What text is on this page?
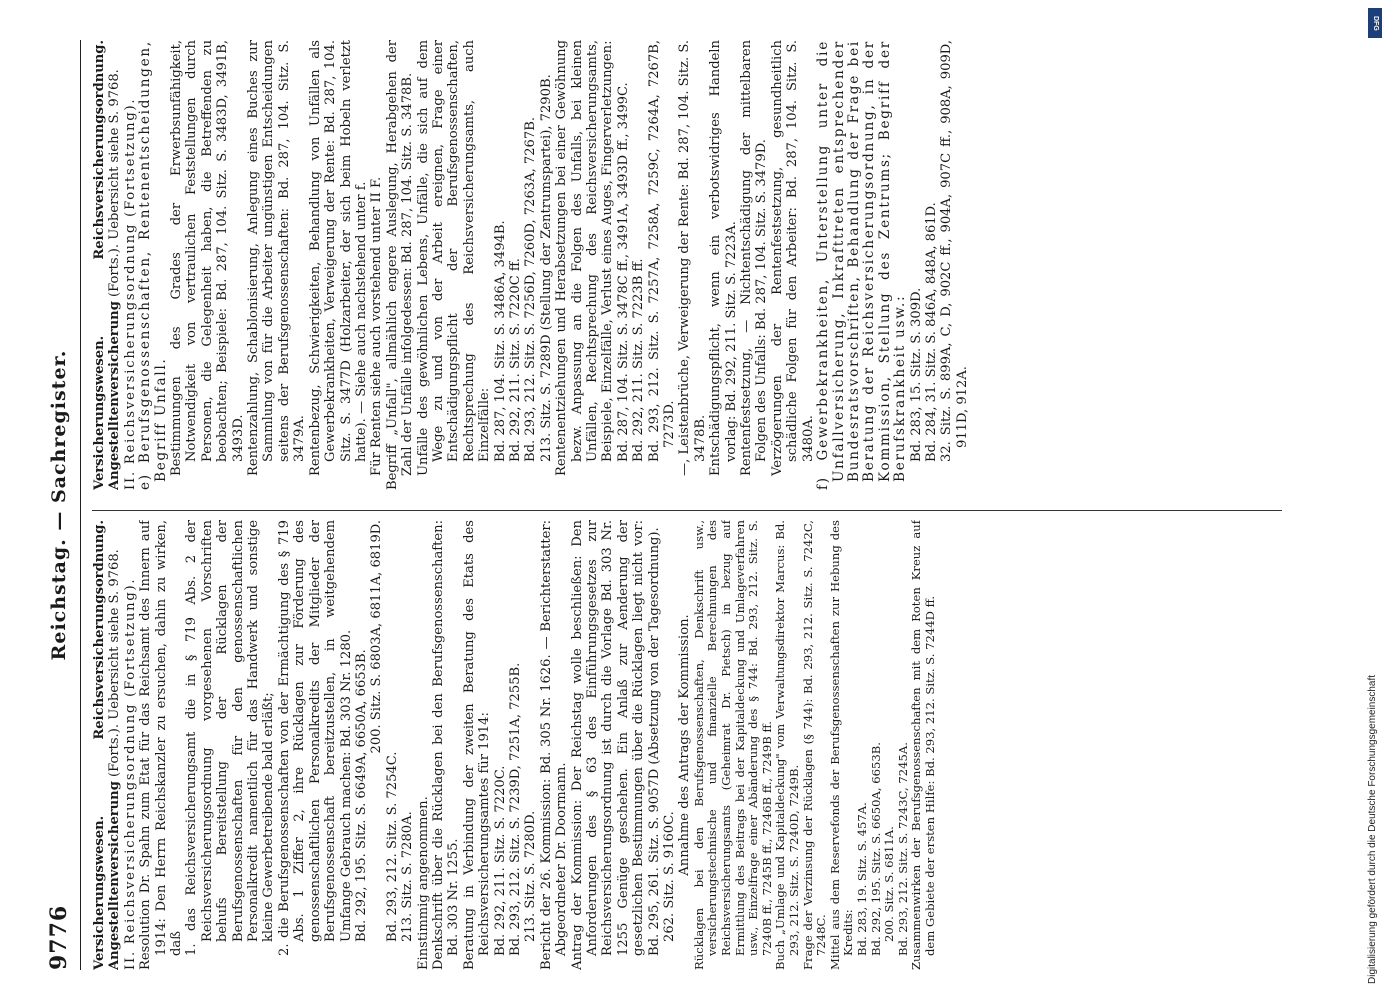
9776
Reichstag. — Sachregister.

Versicherungswesen. Reichsversicherungsordnung. Angestelltenversicherung (Forts.). Uebersicht siehe S. 9768. II. Reichsversicherungsordnung (Fortsetzung). Resolution Dr. Spahn zum Etat für das Reichsamt des Innern auf 1914: Den Herrn Reichskanzler zu ersuchen, dahin zu wirken, daß 1. das Reichsversicherungsamt die in § 719 Abs. 2 der Reichsversicherungsordnung vorgesehenen Vorschriften behufs Bereitstellung der Rücklagen der Berufsgenossenschaften für den genossenschaftlichen Personalkredit namentlich für das Handwerk und sonstige kleine Gewerbetreibende bald erläßt; 2. die Berufsgenossenschaften von der Ermächtigung des § 719 Abs. 1 Ziffer 2, ihre Rücklagen zur Förderung des genossenschaftlichen Personalkredits der Mitglieder der Berufsgenossenschaft bereitzustellen, in weitgehendem Umfange Gebrauch machen: Bd. 303 Nr. 1280. Bd. 292, 195. Sitz. S. 6649A, 6650A, 6653B.

200. Sitz. S. 6803A, 6811A, 6819D.

Bd. 293, 212. Sitz. S. 7254C. 213. Sitz. S. 7280A. Einstimmig angenommen. Denkschrift über die Rücklagen bei den Berufsgenossenschaften: Bd. 303 Nr. 1255. Beratung in Verbindung der zweiten Beratung des Etats des Reichsversicherungsamtes für 1914: Bd. 292, 211. Sitz. S. 7220C. Bd. 293, 212. Sitz. S. 7239D, 7251A, 7255B. 213. Sitz. S. 7280D. Bericht der 26. Kommission: Bd. 305 Nr. 1626. — Berichterstatter: Abgeordneter Dr. Doormann. Antrag der Kommission: Der Reichstag wolle beschließen: Den Anforderungen des § 63 des Einführungsgesetzes zur Reichsversicherungsordnung ist durch die Vorlage Bd. 303 Nr. 1255 Genüge geschehen. Ein Anlaß zur Aenderung der gesetzlichen Bestimmungen über die Rücklagen liegt nicht vor: Bd. 295, 261. Sitz. S. 9057D (Absetzung von der Tagesordnung). 262. Sitz. S. 9160C.

Annahme des Antrags der Kommission. Rücklagen bei den Berufsgenossenschaften, Denkschrift usw., versicherungstechnische und finanzielle Berechnungen des Reichsversicherungsamts (Geheimrat Dr. Pietsch) in bezug auf Ermittlung des Beitrags bei der Kapitaldeckung und Umlageverfahren usw., Einzelfrage einer Abänderung des § 744: Bd. 293, 212. Sitz. S. 7240B ff., 7245B ff., 7246B ff., 7249B ff. Buch „Umlage und Kapitaldeckung" vom Verwaltungsdirektor Marcus: Bd. 293, 212. Sitz. S. 7240D, 7249B. Frage der Verzinsung der Rücklagen (§ 744): Bd. 293, 212. Sitz. S. 7242C, 7248C. Mittel aus dem Reservefonds der Berufsgenossenschaften zur Hebung des Kredits: Bd. 283, 19. Sitz. S. 457A. Bd. 292, 195. Sitz. S. 6650A, 6653B. 200. Sitz. S. 6811A. Bd. 293, 212. Sitz. S. 7243C, 7245A. Zusammenwirken der Berufsgenossenschaften mit dem Roten Kreuz auf dem Gebiete der ersten Hilfe: Bd. 293, 212. Sitz. S. 7244D ff.

Versicherungswesen. Reichsversicherungsordnung. Angestelltenversicherung (Forts.). Uebersicht siehe S. 9768. II. Reichsversicherungsordnung (Fortsetzung). e) Berufsgenossenschaften, Rentenentscheidungen, Begriff Unfall. Bestimmungen des Grades der Erwerbsunfähigkeit, Notwendigkeit von vertraulichen Feststellungen durch Personen, die Gelegenheit haben, die Betreffenden zu beobachten; Beispiele: Bd. 287, 104. Sitz. S. 3483D, 3491B, 3493D. Rentenzahlung, Schablonisierung, Anlegung eines Buches zur Sammlung von für die Arbeiter ungünstigen Entscheidungen seitens der Berufsgenossenschaften: Bd. 287, 104. Sitz. S. 3479A. Rentenbezug, Schwierigkeiten, Behandlung von Unfällen als Gewerbekrankheiten, Verweigerung der Rente: Bd. 287, 104. Sitz. S. 3477D (Holzarbeiter, der sich beim Hobeln verletzt hatte). — Siehe auch nachstehend unter f. Für Renten siehe auch vorstehend unter II F. Begriff „Unfall", allmählich engere Auslegung, Herabgehen der Zahl der Unfälle infolgedessen: Bd. 287, 104. Sitz. S. 3478B. Unfälle des gewöhnlichen Lebens, Unfälle, die sich auf dem Wege zu und von der Arbeit ereignen, Frage einer Entschädigungspflicht der Berufsgenossenschaften, Rechtsprechung des Reichsversicherungsamts, auch Einzelfälle: Bd. 287, 104. Sitz. S. 3486A, 3494B. Bd. 292, 211. Sitz. S. 7220C ff. Bd. 293, 212. Sitz. S. 7256D, 7260D, 7263A, 7267B. 213. Sitz. S. 7289D (Stellung der Zentrumspartei), 7290B. Rentenentziehungen und Herabsetzungen bei einer Gewöhnung bezw. Anpassung an die Folgen des Unfalls, bei kleinen Unfällen, Rechtsprechung des Reichsversicherungsamts, Beispiele, Einzelfälle, Verlust eines Auges, Fingerverletzungen: Bd. 287, 104. Sitz. S. 3478C ff., 3491A, 3493D ff., 3499C. Bd. 292, 211. Sitz. S. 7223B ff. Bd. 293, 212. Sitz. S. 7257A, 7258A, 7259C, 7264A, 7267B, 7273D. —, Leistenbrüche, Verweigerung der Rente: Bd. 287, 104. Sitz. S. 3478B. Entschädigungspflicht, wenn ein verbotswidriges Handeln vorlag: Bd. 292, 211. Sitz. S. 7223A. Rentenfestsetzung, — Nichtentschädigung der mittelbaren Folgen des Unfalls: Bd. 287, 104. Sitz. S. 3479D. Verzögerungen der Rentenfestsetzung, gesundheitlich schädliche Folgen für den Arbeiter: Bd. 287, 104. Sitz. S. 3480A. f) Gewerbekrankheiten, Unterstellung unter die Unfallversicherung, Inkrafttreten entsprechender Bundesratsvorschriften, Behandlung der Frage bei Beratung der Reichsversicherungsordnung, in der Kommission, Stellung des Zentrums; Begriff der Berufskrankheit usw.: Bd. 283, 15. Sitz. S. 309D. Bd. 284, 31. Sitz. S. 846A, 848A, 861D. 32. Sitz. S. 899A, C, D, 902C ff., 904A, 907C ff., 908A, 909D, 911D, 912A.

Digitalisierung gefördert durch die Deutsche Forschungsgemeinschaft
DFG
